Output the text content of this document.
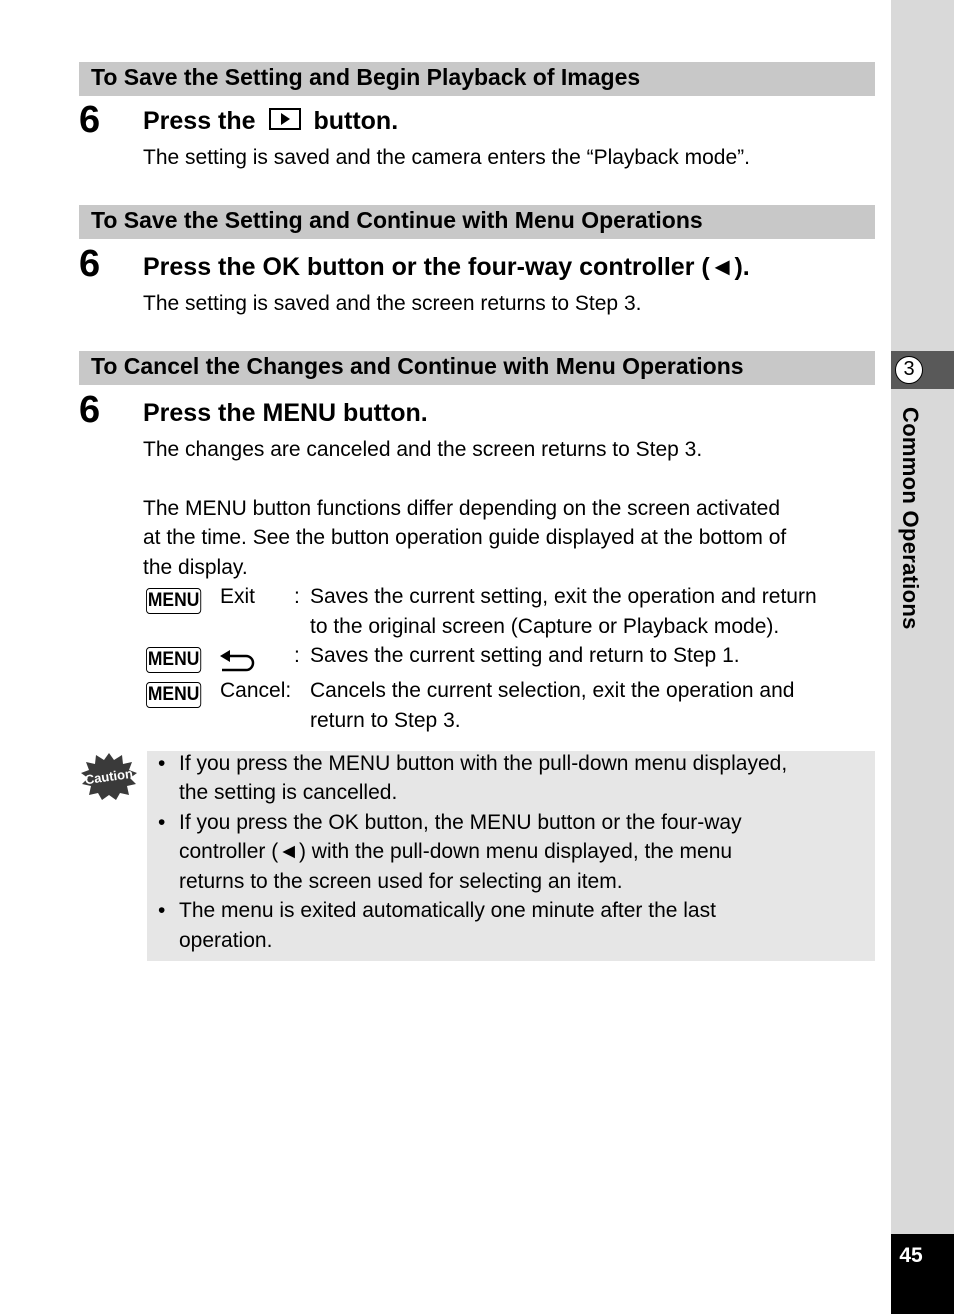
To Save the Setting and Begin Playback of Images
6 Press the button.
The setting is saved and the camera enters the “Playback mode”.
To Save the Setting and Continue with Menu Operations
6 Press the OK button or the four-way controller (◄).
The setting is saved and the screen returns to Step 3.
To Cancel the Changes and Continue with Menu Operations
6 Press the MENU button.
The changes are canceled and the screen returns to Step 3.
The MENU button functions differ depending on the screen activated
at the time. See the button operation guide displayed at the bottom of
the display.
MENU Exit : Saves the current setting, exit the operation and return
to the original screen (Capture or Playback mode).
MENU	: Saves the current setting and return to Step 1.
MENU Cancel: Cancels the current selection, exit the operation and
return to Step 3.
Caution
• If you press the MENU button with the pull-down menu displayed,
the setting is cancelled.
• If you press the OK button, the MENU button or the four-way
controller (◄) with the pull-down menu displayed, the menu
returns to the screen used for selecting an item.
• The menu is exited automatically one minute after the last
operation.
3
Common Operations
45
